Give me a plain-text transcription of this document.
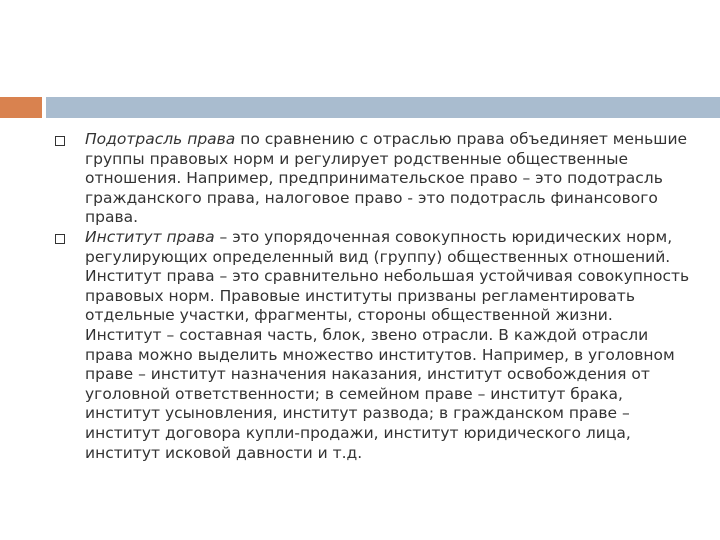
Подотрасль права по сравнению с отраслью права объединяет меньшие группы правовых норм и регулирует родственные общественные отношения. Например, предпринимательское право – это подотрасль гражданского права, налоговое право - это подотрасль финансового права.
Институт права – это упорядоченная совокупность юридических норм, регулирующих определенный вид (группу) общественных отношений. Институт права – это сравнительно небольшая устойчивая совокупность правовых норм. Правовые институты призваны регламентировать отдельные участки, фрагменты, стороны общественной жизни. Институт – составная часть, блок, звено отрасли. В каждой отрасли права можно выделить множество институтов. Например, в уголовном праве – институт назначения наказания, институт освобождения от уголовной ответственности; в семейном праве – институт брака, институт усыновления, институт развода; в гражданском праве – институт договора купли-продажи, институт юридического лица, институт исковой давности и т.д.
